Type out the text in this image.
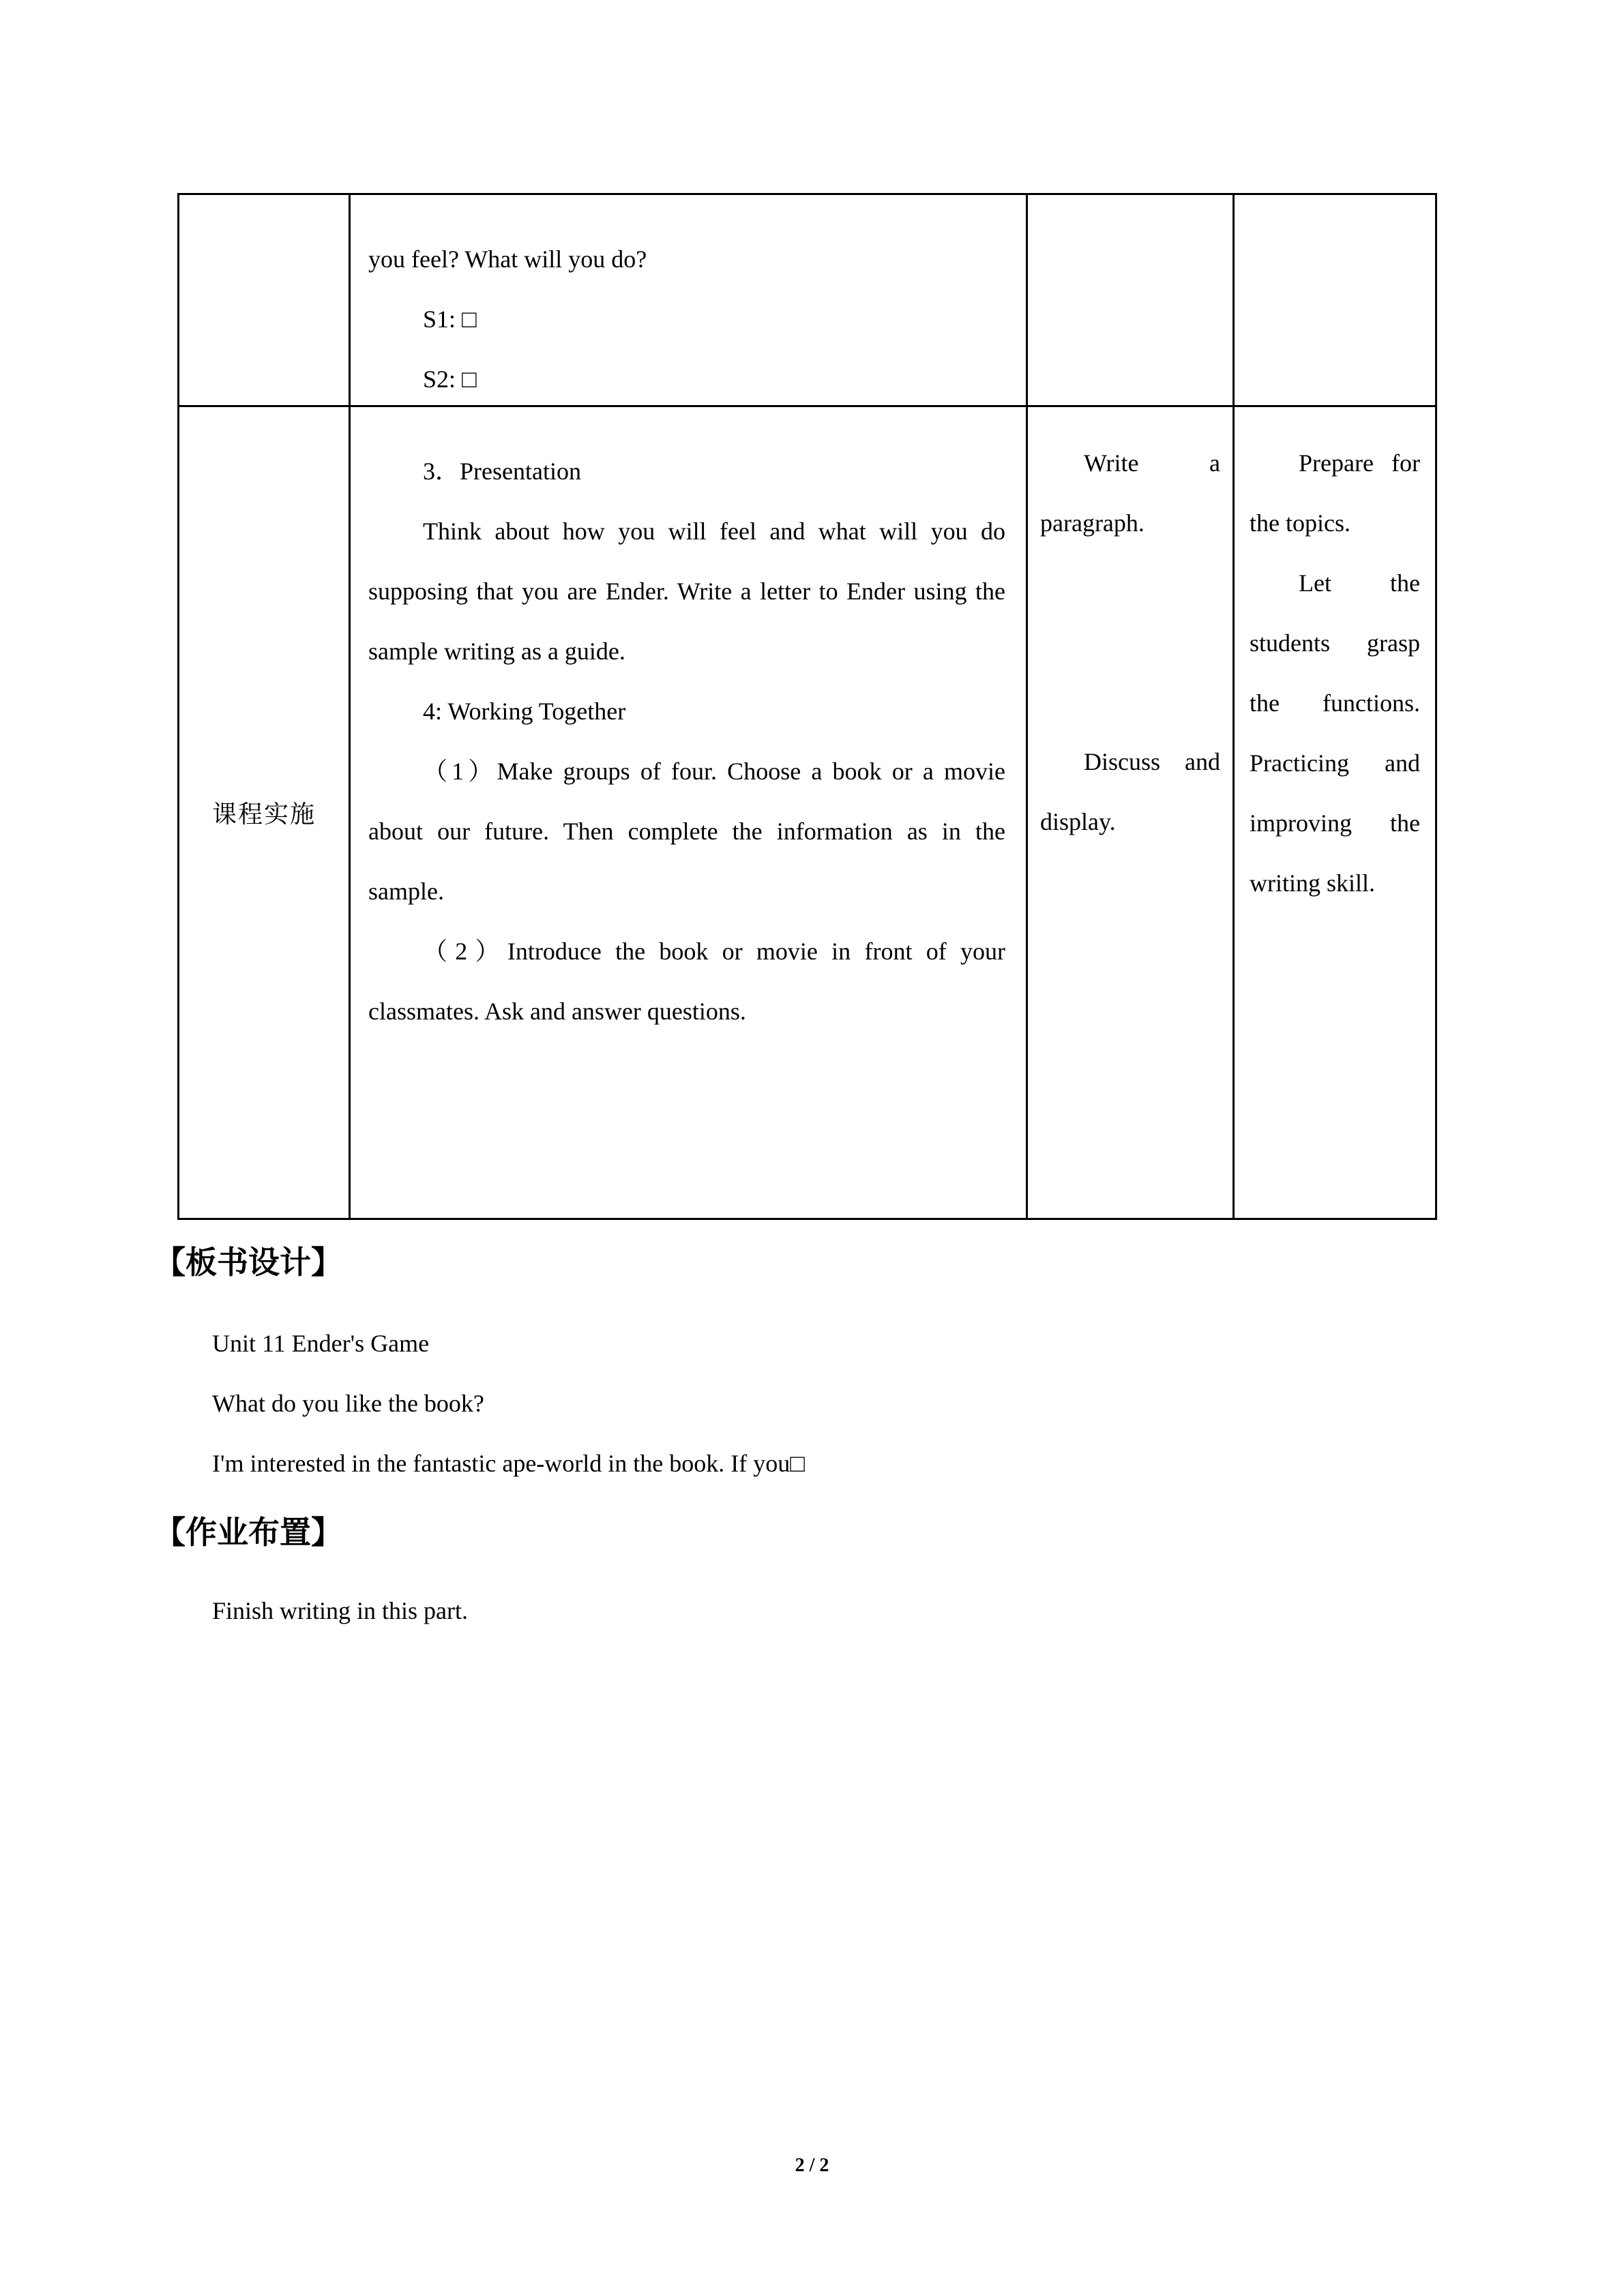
you feel? What will you do?

S1: □

S2: □

课程实施

3．Presentation

Think about how you will feel and what will you do supposing that you are Ender. Write a letter to Ender using the sample writing as a guide.

4: Working Together

（1）Make groups of four. Choose a book or a movie about our future. Then complete the information as in the sample.

（2）Introduce the book or movie in front of your classmates. Ask and answer questions.

Write a paragraph.

Discuss and display.

Prepare for the topics.

Let the students grasp the functions. Practicing and improving the writing skill.

【板书设计】

Unit 11 Ender's Game

What do you like the book?

I'm interested in the fantastic ape-world in the book. If you□

【作业布置】

Finish writing in this part.

2 / 2
